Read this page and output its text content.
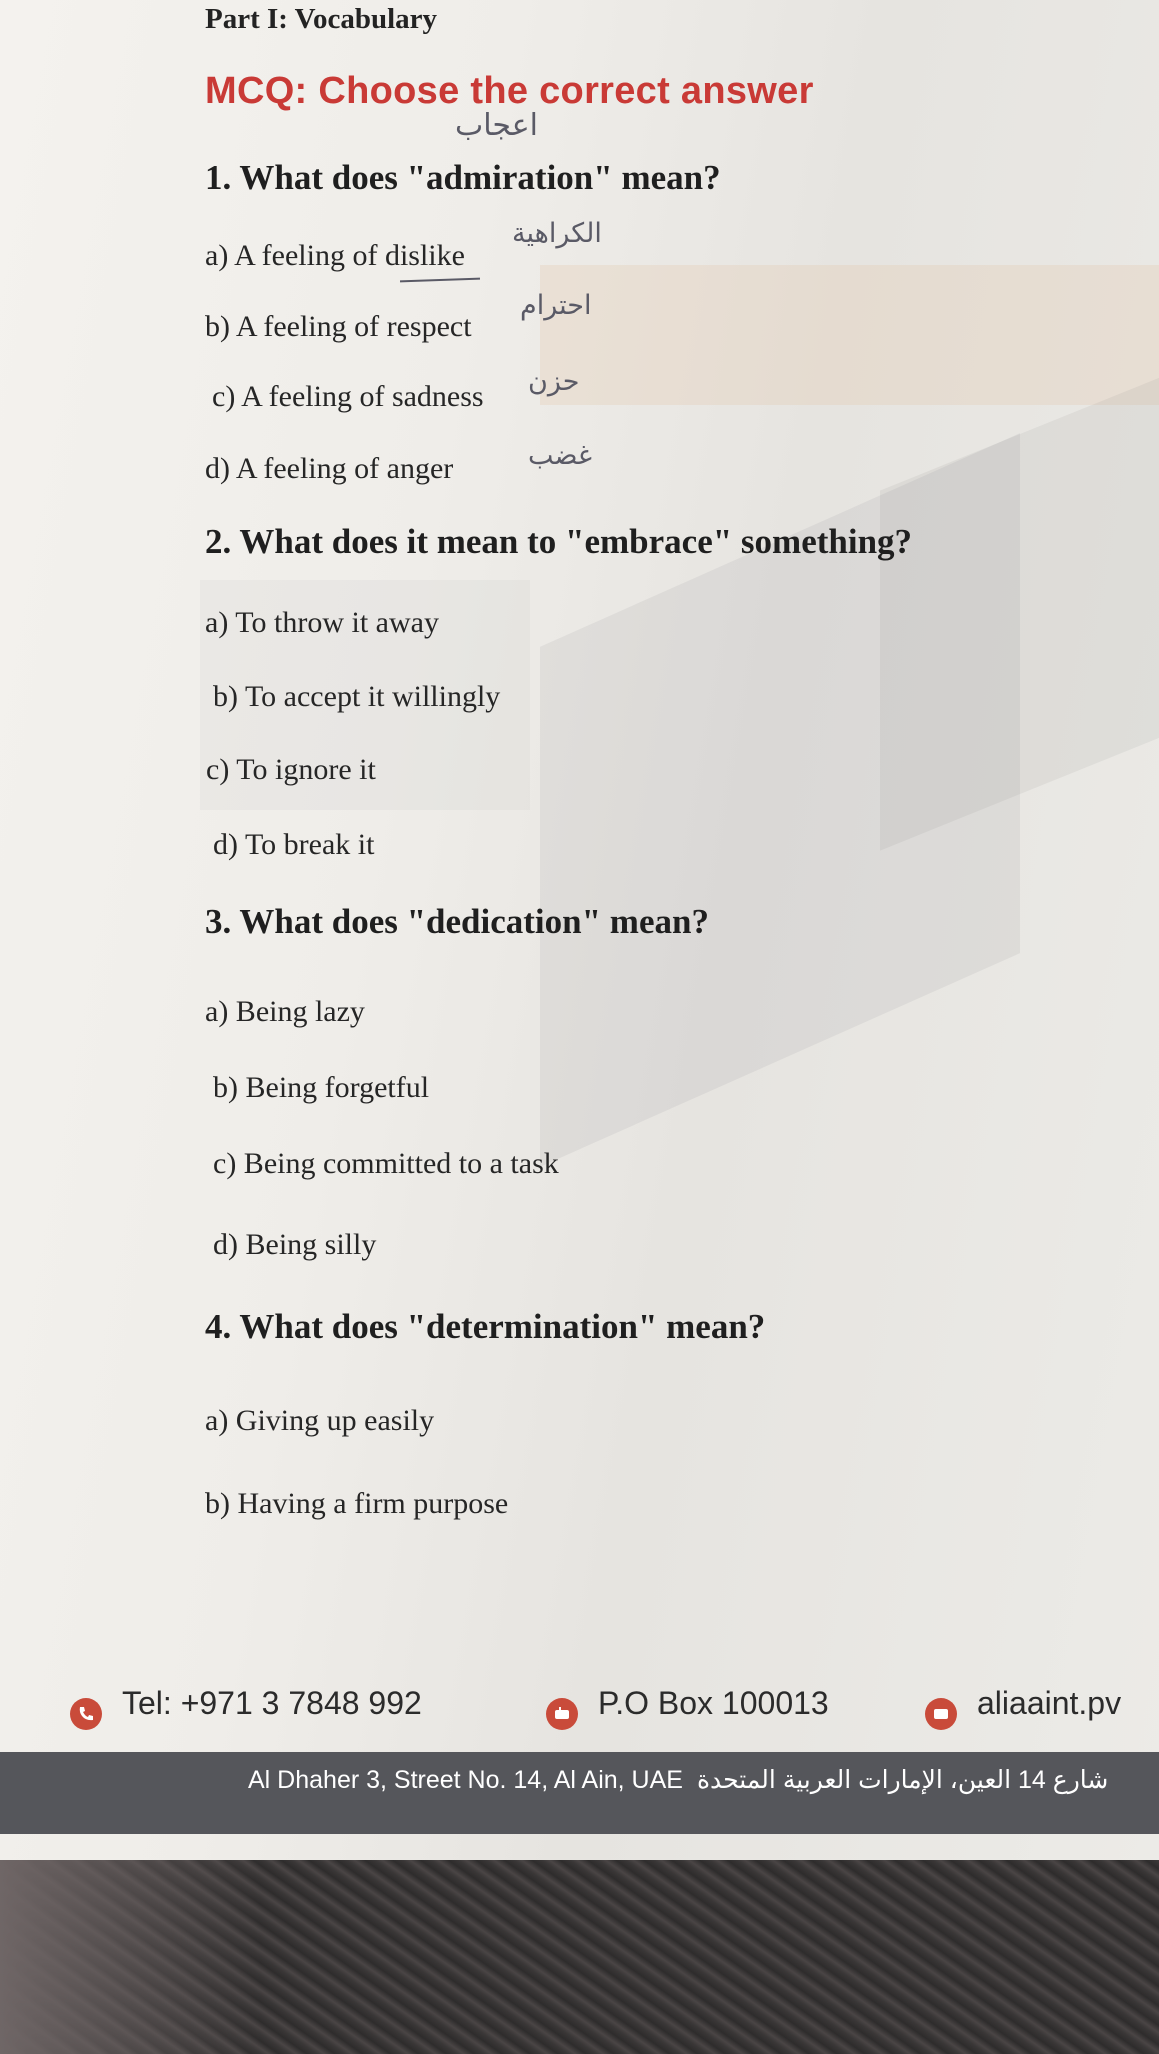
Part I: Vocabulary
MCQ: Choose the correct answer
اعجاب
1. What does "admiration" mean?
a) A feeling of dislike
الكراهية
b) A feeling of respect
احترام
c) A feeling of sadness حزن
d) A feeling of anger	غضب
2. What does it mean to "embrace" something?
a) To throw it away
b) To accept it willingly
c) To ignore it
d) To break it
3. What does "dedication" mean?
a) Being lazy
b) Being forgetful
c) Being committed to a task
d) Being silly
4. What does "determination" mean?
a) Giving up easily
b) Having a firm purpose
Tel: +971 3 7848 992	P.O Box 100013	aliaaint.pv
Al Dhaher 3, Street No. 14, Al Ain, UAE شارع 14 العين، الإمارات العربية المتحدة
